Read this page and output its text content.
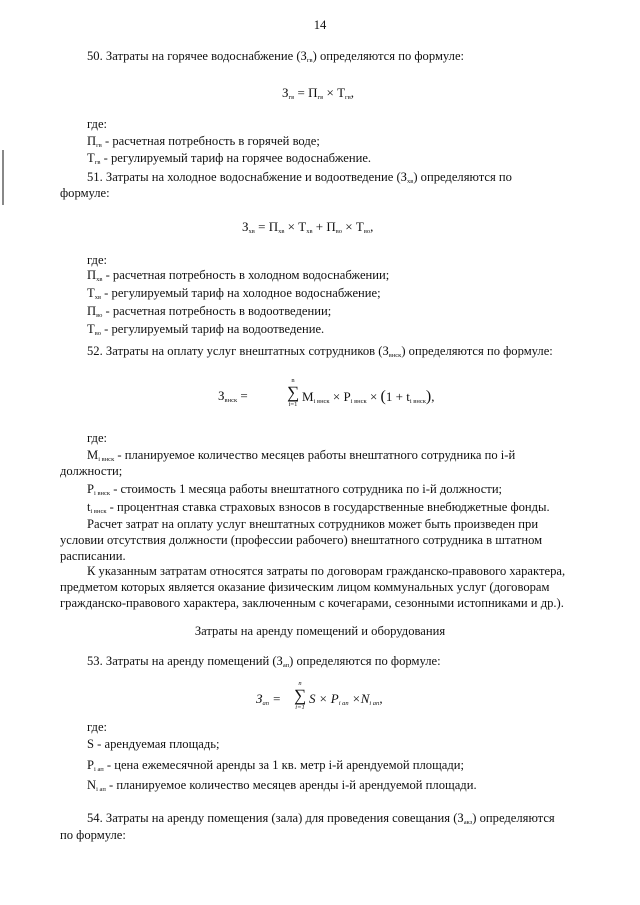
14
50. Затраты на горячее водоснабжение $(З_{гв})$ определяются по формуле:
$З_{гв} = П_{гв} \times Т_{гв}$,
где:
$П_{гв}$ - расчетная потребность в горячей воде;
$Т_{гв}$ - регулируемый тариф на горячее водоснабжение.
51. Затраты на холодное водоснабжение и водоотведение $(З_{хв})$ определяются по
формуле:
$З_{хв} = П_{хв} \times Т_{хв} + П_{во} \times Т_{во}$,
где:
$П_{хв}$ - расчетная потребность в холодном водоснабжении;
$Т_{хв}$ - регулируемый тариф на холодное водоснабжение;
$П_{во}$ - расчетная потребность в водоотведении;
$Т_{во}$ - регулируемый тариф на водоотведение.
52. Затраты на оплату услуг внештатных сотрудников $(З_{внск})$ определяются по формуле:
$З_{внск}$ =
n
∑
i=1
$M_{i внск} \times P_{i внск} \times (1 + t_{i внск})$,
где:
$M_{i внск}$ - планируемое количество месяцев работы внештатного сотрудника по i-й
должности;
$P_{i внск}$ - стоимость 1 месяца работы внештатного сотрудника по i-й должности;
$t_{i внск}$ - процентная ставка страховых взносов в государственные внебюджетные фонды.
Расчет затрат на оплату услуг внештатных сотрудников может быть произведен при
условии отсутствия должности (профессии рабочего) внештатного сотрудника в штатном
расписании.
К указанным затратам относятся затраты по договорам гражданско-правового характера,
предметом которых является оказание физическим лицом коммунальных услуг (договорам
гражданско-правового характера, заключенным с кочегарами, сезонными истопниками и др.).
Затраты на аренду помещений и оборудования
53. Затраты на аренду помещений $(З_{ап})$ определяются по формуле:
$З_{ап}$ =
n
∑
i=1
$S \times P_{i ап} \times N_{i ап}$,
где:
S - арендуемая площадь;
$P_{i ап}$ - цена ежемесячной аренды за 1 кв. метр i-й арендуемой площади;
$N_{i ап}$ - планируемое количество месяцев аренды i-й арендуемой площади.
54. Затраты на аренду помещения (зала) для проведения совещания $(З_{акз})$ определяются
по формуле:
